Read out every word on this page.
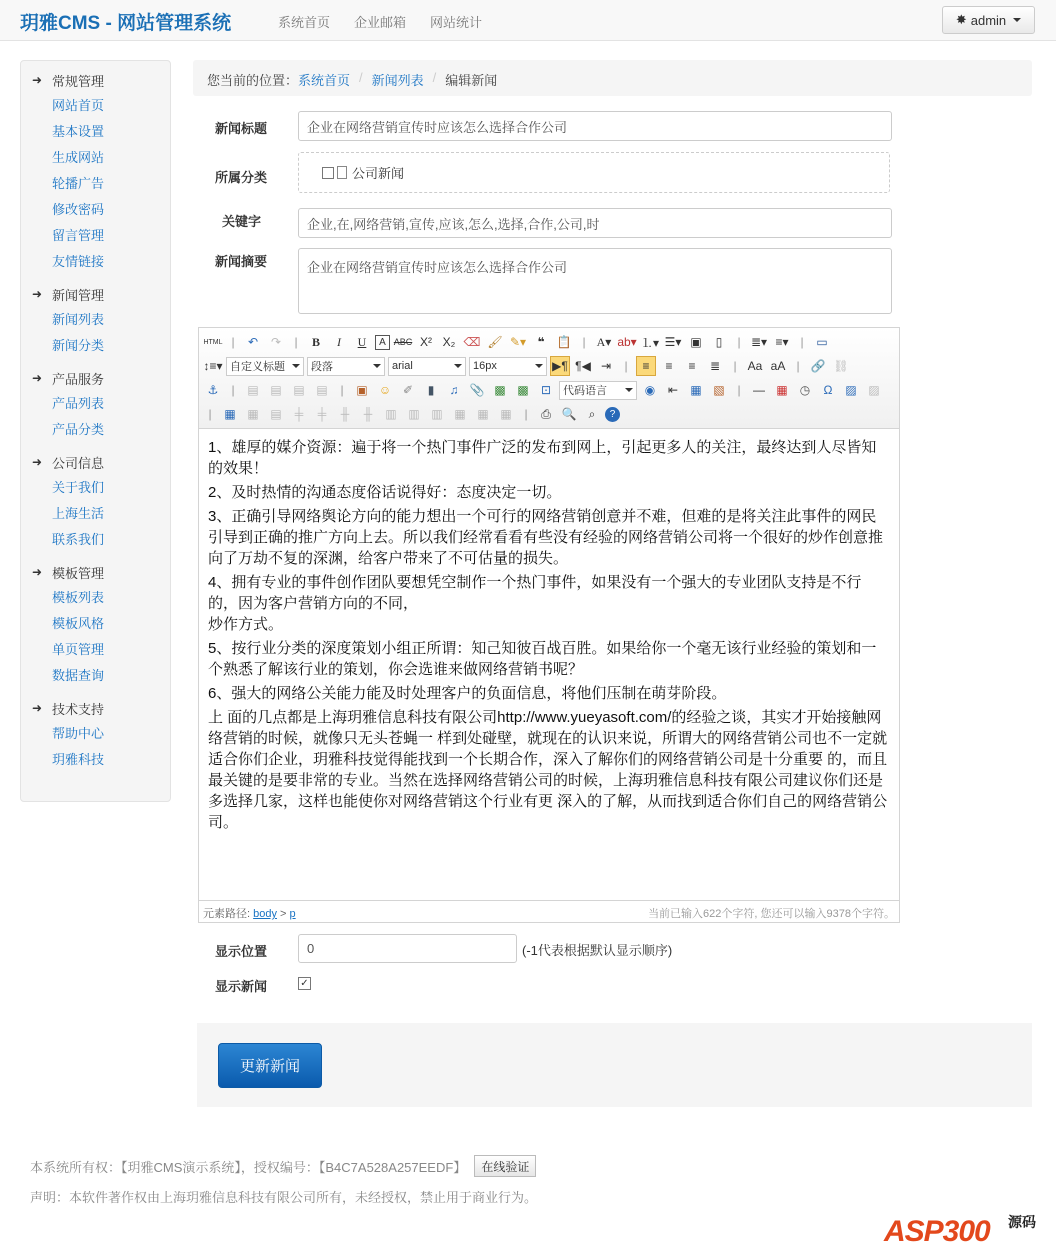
玥雅CMS - 网站管理系统	系统首页	企业邮箱	网站统计	✸ admin
➜ 常规管理
网站首页
基本设置
生成网站
轮播广告
修改密码
留言管理
友情链接
➜ 新闻管理
新闻列表
新闻分类
➜ 产品服务
产品列表
产品分类
➜ 公司信息
关于我们
上海生活
联系我们
➜ 模板管理
模板列表
模板风格
单页管理
数据查询
➜ 技术支持
帮助中心
玥雅科技
您当前的位置： 系统首页 / 新闻列表 / 编辑新闻
新闻标题	企业在网络营销宣传时应该怎么选择合作公司
所属分类	公司新闻
关键字	企业,在,网络营销,宣传,应该,怎么,选择,合作,公司,时
新闻摘要	企业在网络营销宣传时应该怎么选择合作公司
HTML |	↶	↷	|	B	I	U	A ABC X² X₂ ⌫ 🖌 ✎▾ ❝	📋 | A▾ ab▾ ⒈▾ ☰▾ ▣	▯	| ≣▾ ≡▾ |	▭
↕≡▾ 自定义标题 段落	arial	16px	▶¶ ¶◀ ⇥	|	≡	≡	≡	≣	| Aa aA | 🔗 ⛓
⚓	|	▤ ▤ ▤ ▤	|	▣ ☺ ✐	▮	♫ 📎 ▩ ▩	⊡	代码语言	◉	⇤	▦ ▧	|	— ▦	◷	Ω	▨ ▨
|	▦ ▦ ▤	╪	╪	╫	╫	▥ ▥ ▥ ▦ ▦ ▦	|	⎙ 🔍	⌕	?

1、雄厚的媒介资源：遍于将一个热门事件广泛的发布到网上，引起更多人的关注，最终达到人尽皆知的效果！

2、及时热情的沟通态度俗话说得好：态度决定一切。

3、正确引导网络舆论方向的能力想出一个可行的网络营销创意并不难，但难的是将关注此事件的网民引导到正确的推广方向上去。所以我们经常看看有些没有经验的网络营销公司将一个很好的炒作创意推向了万劫不复的深渊，给客户带来了不可估量的损失。

4、拥有专业的事件创作团队要想凭空制作一个热门事件，如果没有一个强大的专业团队支持是不行的，因为客户营销方向的不同，
炒作方式。

5、按行业分类的深度策划小组正所谓：知己知彼百战百胜。如果给你一个毫无该行业经验的策划和一个熟悉了解该行业的策划，你会选谁来做网络营销书呢？

6、强大的网络公关能力能及时处理客户的负面信息，将他们压制在萌芽阶段。

上 面的几点都是上海玥雅信息科技有限公司http://www.yueyasoft.com/的经验之谈，其实才开始接触网络营销的时候，就像只无头苍蝇一 样到处碰壁，就现在的认识来说，所谓大的网络营销公司也不一定就适合你们企业，玥雅科技觉得能找到一个长期合作，深入了解你们的网络营销公司是十分重要 的，而且最关键的是要非常的专业。当然在选择网络营销公司的时候，上海玥雅信息科技有限公司建议你们还是多选择几家，这样也能使你对网络营销这个行业有更 深入的了解，从而找到适合你们自己的网络营销公司。

元素路径: body > p	当前已输入622个字符, 您还可以输入9378个字符。
显示位置	0	(-1代表根据默认显示顺序)
显示新闻	✓
更新新闻
本系统所有权：【玥雅CMS演示系统】，授权编号：【B4C7A528A257EEDF】	在线验证
声明：本软件著作权由上海玥雅信息科技有限公司所有，未经授权，禁止用于商业行为。
ASP300 源码
